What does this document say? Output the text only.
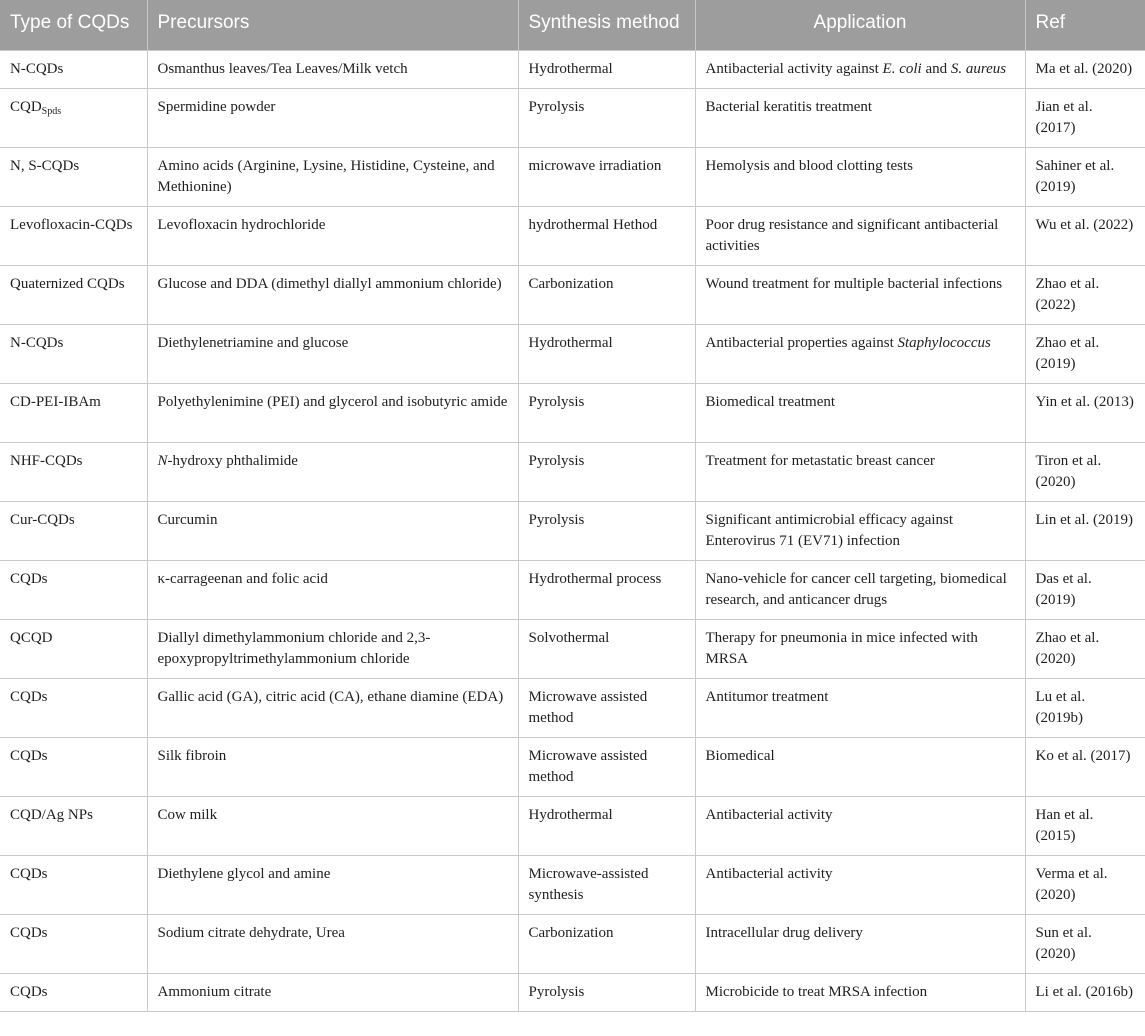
Type of CQDs	Precursors	Synthesis method	Application	Ref
N-CQDs	Osmanthus leaves/Tea Leaves/Milk vetch	Hydrothermal	Antibacterial activity against E. coli and S. aureus	Ma et al. (2020)
$CQD_{Spds}$	Spermidine powder	Pyrolysis	Bacterial keratitis treatment	Jian et al. (2017)
N, S-CQDs	Amino acids (Arginine, Lysine, Histidine, Cysteine, and Methionine)	microwave irradiation	Hemolysis and blood clotting tests	Sahiner et al. (2019)
Levofloxacin-CQDs	Levofloxacin hydrochloride	hydrothermal Hethod	Poor drug resistance and significant antibacterial activities	Wu et al. (2022)
Quaternized CQDs	Glucose and DDA (dimethyl diallyl ammonium chloride)	Carbonization	Wound treatment for multiple bacterial infections	Zhao et al. (2022)
N-CQDs	Diethylenetriamine and glucose	Hydrothermal	Antibacterial properties against Staphylococcus	Zhao et al. (2019)
CD-PEI-IBAm	Polyethylenimine (PEI) and glycerol and isobutyric amide	Pyrolysis	Biomedical treatment	Yin et al. (2013)
NHF-CQDs	N-hydroxy phthalimide	Pyrolysis	Treatment for metastatic breast cancer	Tiron et al. (2020)
Cur-CQDs	Curcumin	Pyrolysis	Significant antimicrobial efficacy against Enterovirus 71 (EV71) infection	Lin et al. (2019)
CQDs	κ-carrageenan and folic acid	Hydrothermal process	Nano-vehicle for cancer cell targeting, biomedical research, and anticancer drugs	Das et al. (2019)
QCQD	Diallyl dimethylammonium chloride and 2,3-epoxypropyltrimethylammonium chloride	Solvothermal	Therapy for pneumonia in mice infected with MRSA	Zhao et al. (2020)
CQDs	Gallic acid (GA), citric acid (CA), ethane diamine (EDA)	Microwave assisted method	Antitumor treatment	Lu et al. (2019b)
CQDs	Silk fibroin	Microwave assisted method	Biomedical	Ko et al. (2017)
CQD/Ag NPs	Cow milk	Hydrothermal	Antibacterial activity	Han et al. (2015)
CQDs	Diethylene glycol and amine	Microwave-assisted synthesis	Antibacterial activity	Verma et al. (2020)
CQDs	Sodium citrate dehydrate, Urea	Carbonization	Intracellular drug delivery	Sun et al. (2020)
CQDs	Ammonium citrate	Pyrolysis	Microbicide to treat MRSA infection	Li et al. (2016b)
